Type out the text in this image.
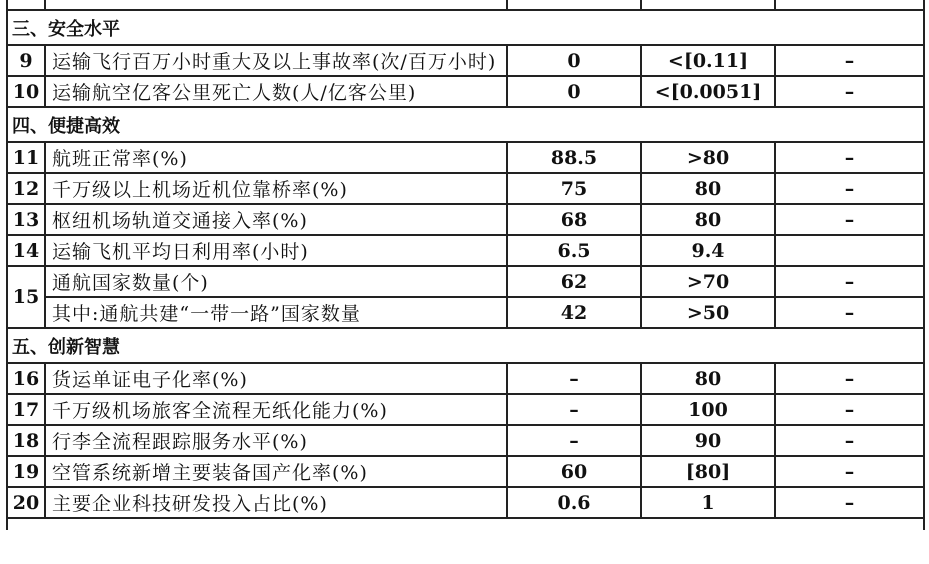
三、安全水平				
9	运输飞行百万小时重大及以上事故率(次/百万小时)	0	<[0.11]	–
10	运输航空亿客公里死亡人数(人/亿客公里)	0	<[0.0051]	–
四、便捷高效				
11	航班正常率(%)	88.5	>80	–
12	千万级以上机场近机位靠桥率(%)	75	80	–
13	枢纽机场轨道交通接入率(%)	68	80	–
14	运输飞机平均日利用率(小时)	6.5	9.4	
15	通航国家数量(个)	62	>70	–
	其中:通航共建“一带一路”国家数量	42	>50	–
五、创新智慧				
16	货运单证电子化率(%)	–	80	–
17	千万级机场旅客全流程无纸化能力(%)	–	100	–
18	行李全流程跟踪服务水平(%)	–	90	–
19	空管系统新增主要装备国产化率(%)	60	[80]	–
20	主要企业科技研发投入占比(%)	0.6	1	–
